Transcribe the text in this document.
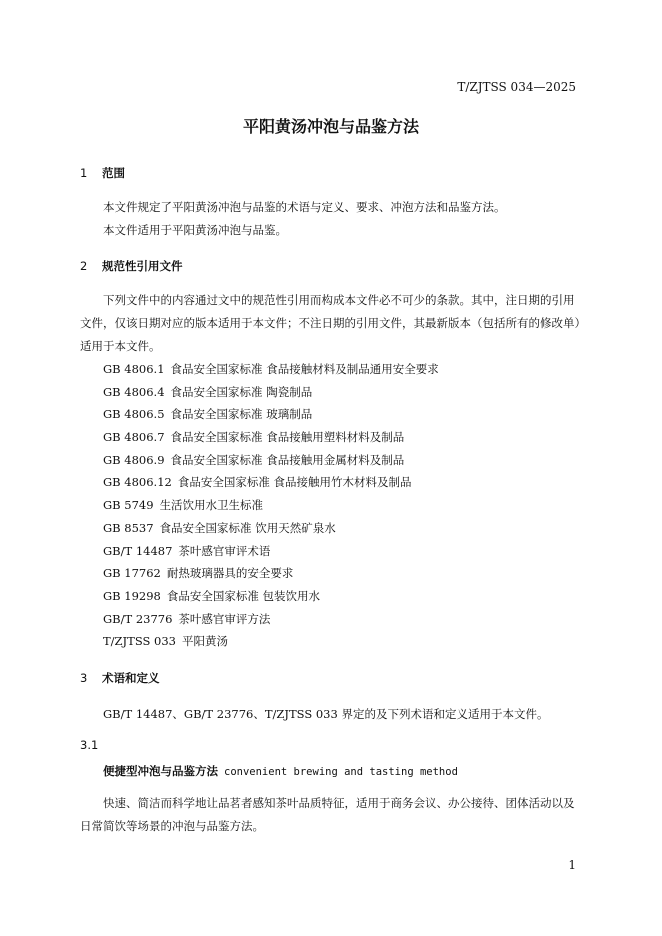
T/ZJTSS 034—2025
平阳黄汤冲泡与品鉴方法
1 范围
本文件规定了平阳黄汤冲泡与品鉴的术语与定义、要求、冲泡方法和品鉴方法。
本文件适用于平阳黄汤冲泡与品鉴。
2 规范性引用文件
下列文件中的内容通过文中的规范性引用而构成本文件必不可少的条款。其中，注日期的引用文件，仅该日期对应的版本适用于本文件；不注日期的引用文件，其最新版本（包括所有的修改单）适用于本文件。
GB 4806.1 食品安全国家标准 食品接触材料及制品通用安全要求
GB 4806.4 食品安全国家标准 陶瓷制品
GB 4806.5 食品安全国家标准 玻璃制品
GB 4806.7 食品安全国家标准 食品接触用塑料材料及制品
GB 4806.9 食品安全国家标准 食品接触用金属材料及制品
GB 4806.12 食品安全国家标准 食品接触用竹木材料及制品
GB 5749 生活饮用水卫生标准
GB 8537 食品安全国家标准 饮用天然矿泉水
GB/T 14487 茶叶感官审评术语
GB 17762 耐热玻璃器具的安全要求
GB 19298 食品安全国家标准 包装饮用水
GB/T 23776 茶叶感官审评方法
T/ZJTSS 033 平阳黄汤
3 术语和定义
GB/T 14487、GB/T 23776、T/ZJTSS 033 界定的及下列术语和定义适用于本文件。
3.1
便捷型冲泡与品鉴方法 convenient brewing and tasting method
快速、简洁而科学地让品茗者感知茶叶品质特征，适用于商务会议、办公接待、团体活动以及日常简饮等场景的冲泡与品鉴方法。
1
